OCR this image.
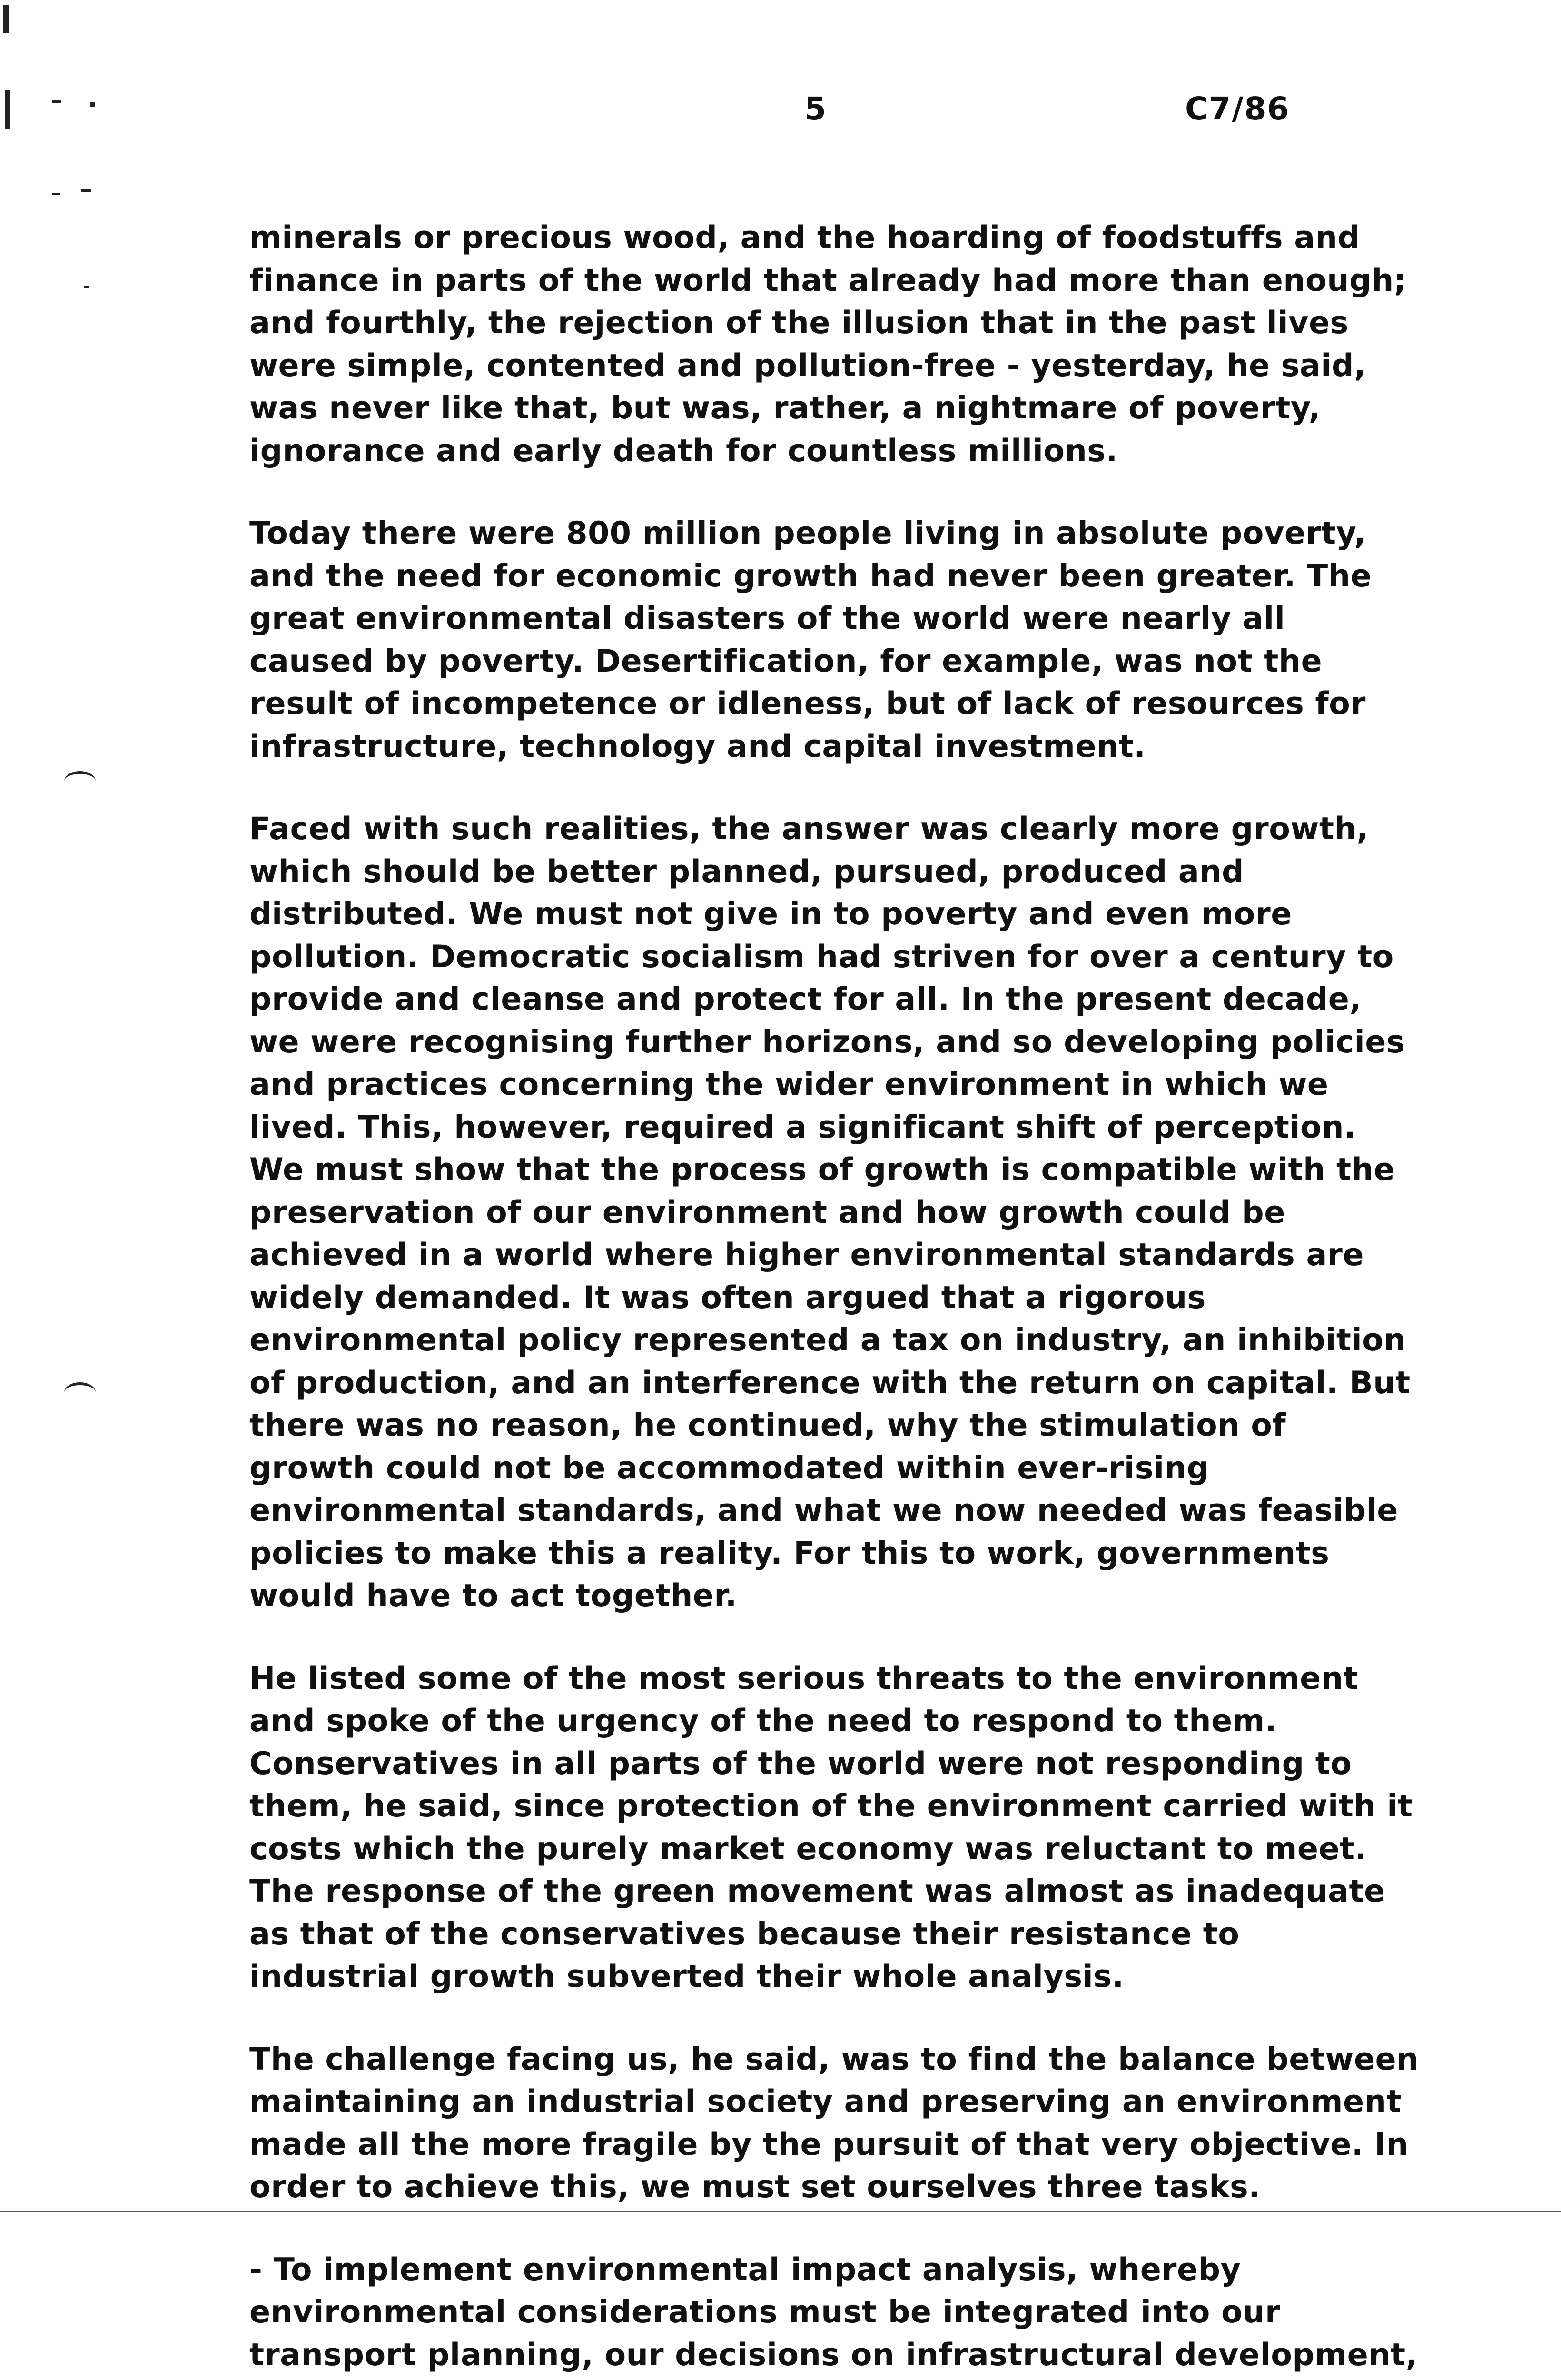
5	C7/86

minerals or precious wood, and the hoarding of foodstuffs and finance in parts of the world that already had more than enough; and fourthly, the rejection of the illusion that in the past lives were simple, contented and pollution-free - yesterday, he said, was never like that, but was, rather, a nightmare of poverty, ignorance and early death for countless millions.

Today there were 800 million people living in absolute poverty, and the need for economic growth had never been greater. The great environmental disasters of the world were nearly all caused by poverty. Desertification, for example, was not the result of incompetence or idleness, but of lack of resources for infrastructure, technology and capital investment.

Faced with such realities, the answer was clearly more growth, which should be better planned, pursued, produced and distributed. We must not give in to poverty and even more pollution. Democratic socialism had striven for over a century to provide and cleanse and protect for all. In the present decade, we were recognising further horizons, and so developing policies and practices concerning the wider environment in which we lived. This, however, required a significant shift of perception. We must show that the process of growth is compatible with the preservation of our environment and how growth could be achieved in a world where higher environmental standards are widely demanded. It was often argued that a rigorous environmental policy represented a tax on industry, an inhibition of production, and an interference with the return on capital. But there was no reason, he continued, why the stimulation of growth could not be accommodated within ever-rising environmental standards, and what we now needed was feasible policies to make this a reality. For this to work, governments would have to act together.

He listed some of the most serious threats to the environment and spoke of the urgency of the need to respond to them. Conservatives in all parts of the world were not responding to them, he said, since protection of the environment carried with it costs which the purely market economy was reluctant to meet. The response of the green movement was almost as inadequate as that of the conservatives because their resistance to industrial growth subverted their whole analysis.

The challenge facing us, he said, was to find the balance between maintaining an industrial society and preserving an environment made all the more fragile by the pursuit of that very objective. In order to achieve this, we must set ourselves three tasks.

- To implement environmental impact analysis, whereby environmental considerations must be integrated into our transport planning, our decisions on infrastructural development,
